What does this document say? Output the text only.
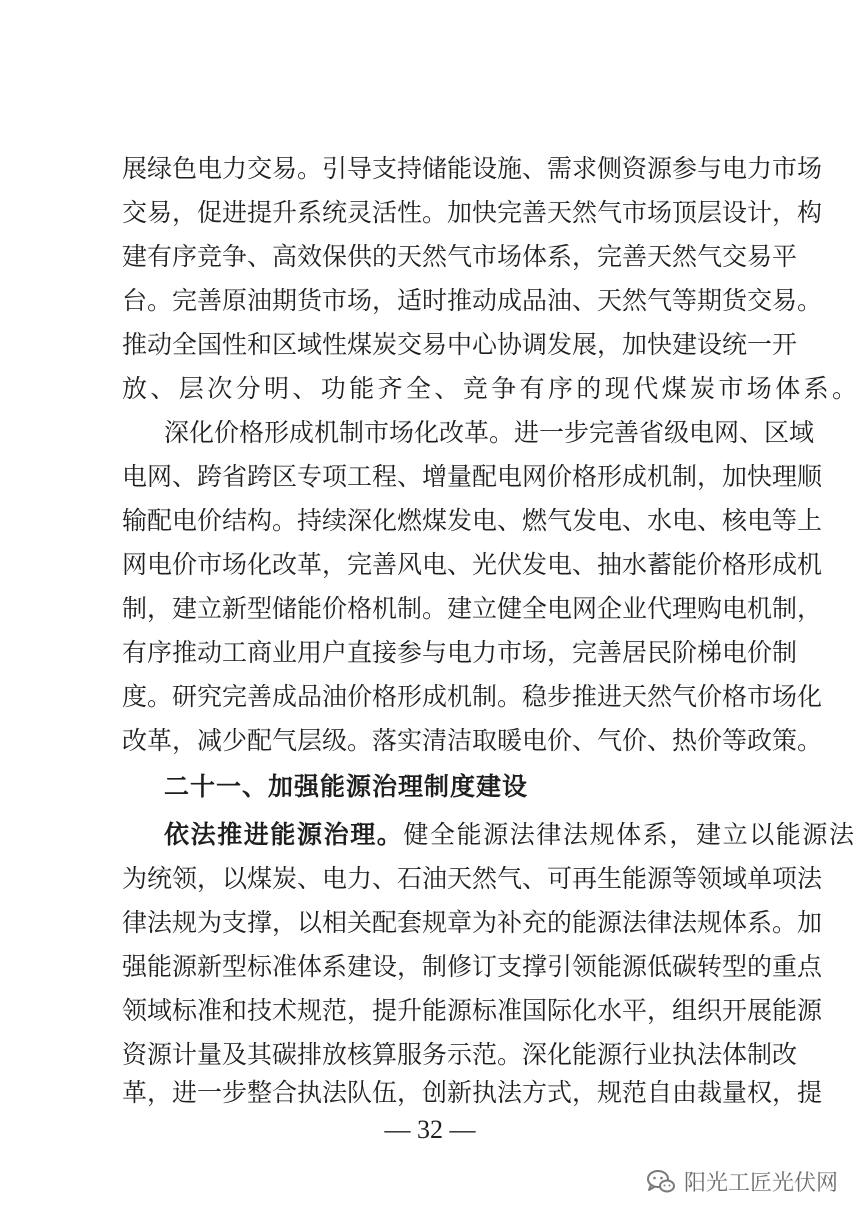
展绿色电力交易。引导支持储能设施、需求侧资源参与电力市场
交易，促进提升系统灵活性。加快完善天然气市场顶层设计，构
建有序竞争、高效保供的天然气市场体系，完善天然气交易平
台。完善原油期货市场，适时推动成品油、天然气等期货交易。
推动全国性和区域性煤炭交易中心协调发展，加快建设统一开
放、层次分明、功能齐全、竞争有序的现代煤炭市场体系。
深化价格形成机制市场化改革。进一步完善省级电网、区域
电网、跨省跨区专项工程、增量配电网价格形成机制，加快理顺
输配电价结构。持续深化燃煤发电、燃气发电、水电、核电等上
网电价市场化改革，完善风电、光伏发电、抽水蓄能价格形成机
制，建立新型储能价格机制。建立健全电网企业代理购电机制，
有序推动工商业用户直接参与电力市场，完善居民阶梯电价制
度。研究完善成品油价格形成机制。稳步推进天然气价格市场化
改革，减少配气层级。落实清洁取暖电价、气价、热价等政策。
二十一、加强能源治理制度建设
依法推进能源治理。 健全能源法律法规体系，建立以能源法
为统领，以煤炭、电力、石油天然气、可再生能源等领域单项法
律法规为支撑，以相关配套规章为补充的能源法律法规体系。加
强能源新型标准体系建设，制修订支撑引领能源低碳转型的重点
领域标准和技术规范，提升能源标准国际化水平，组织开展能源
资源计量及其碳排放核算服务示范。深化能源行业执法体制改
革，进一步整合执法队伍，创新执法方式，规范自由裁量权，提
— 32 —
阳光工匠光伏网
